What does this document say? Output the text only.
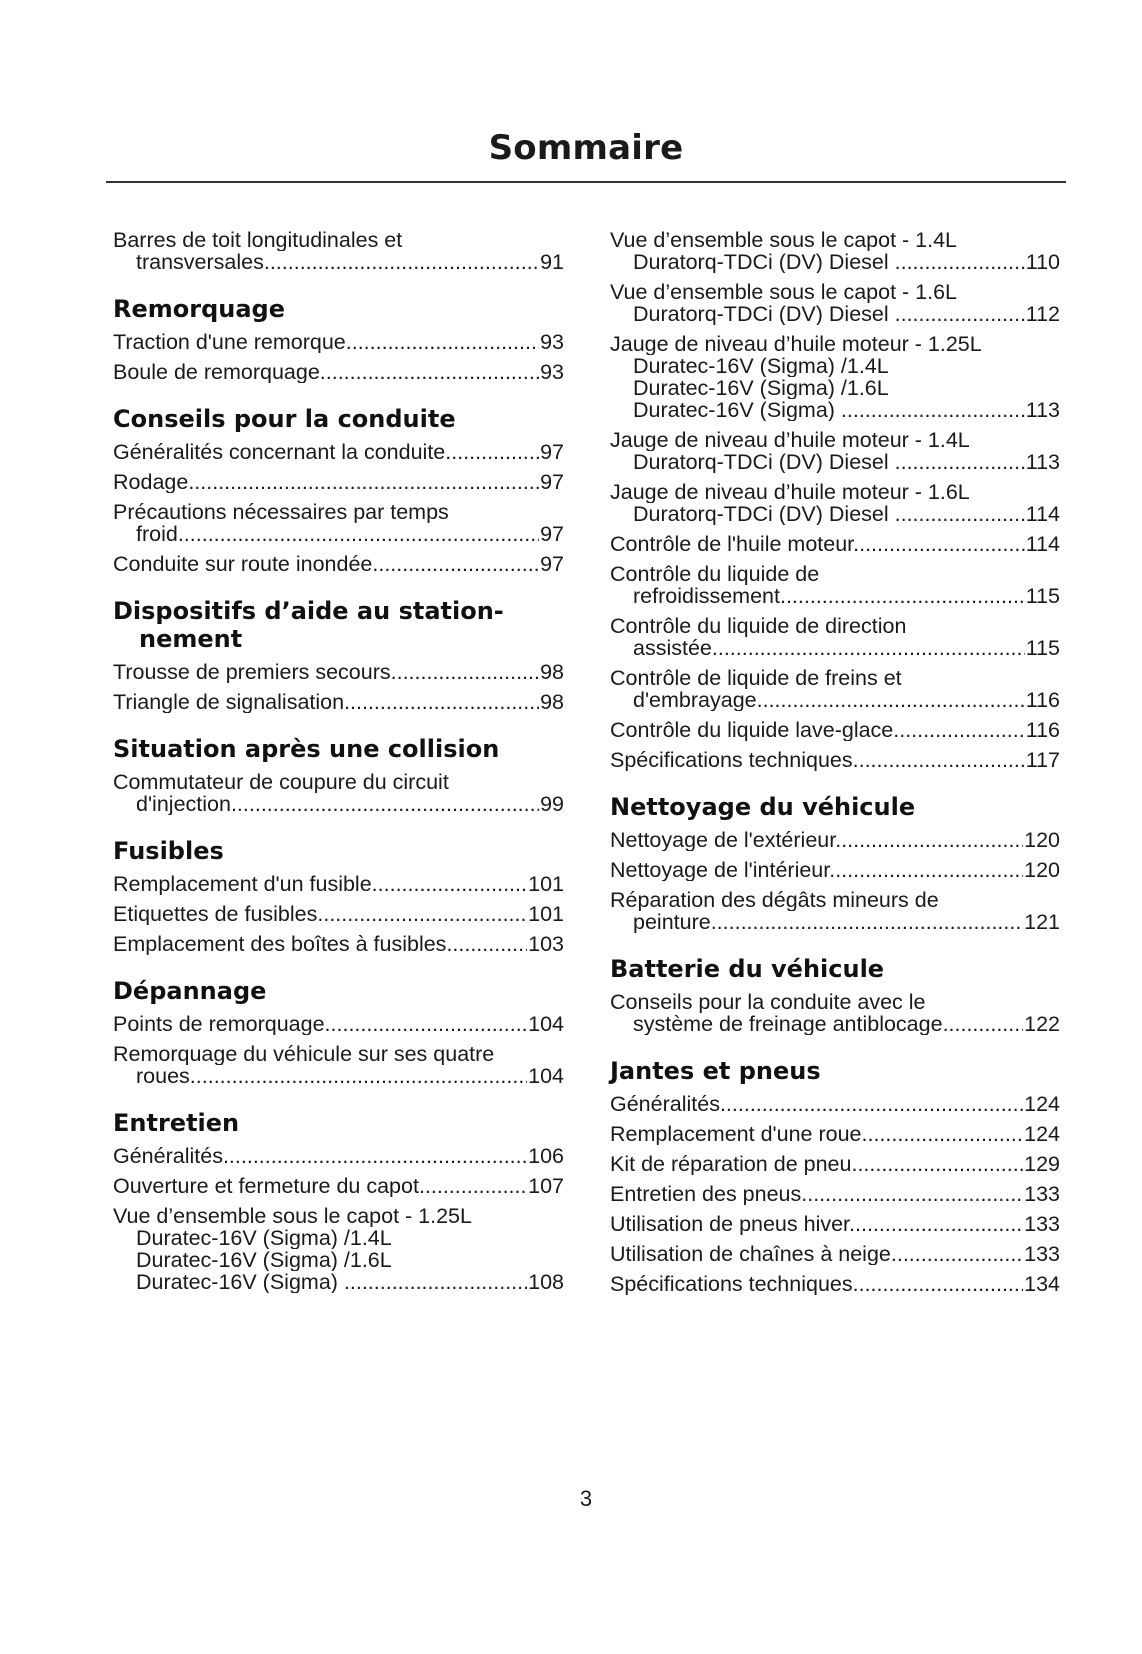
Sommaire
Barres de toit longitudinales et
transversales .....	91
Remorquage
Traction d'une remorque .....	93
Boule de remorquage .....	93
Conseils pour la conduite
Généralités concernant la conduite .....	97
Rodage .....	97
Précautions nécessaires par temps
froid .....	97
Conduite sur route inondée .....	97
Dispositifs d’aide au station-
nement
Trousse de premiers secours .....	98
Triangle de signalisation .....	98
Situation après une collision
Commutateur de coupure du circuit
d'injection .....	99
Fusibles
Remplacement d'un fusible .....	101
Etiquettes de fusibles .....	101
Emplacement des boîtes à fusibles .....	103
Dépannage
Points de remorquage .....	104
Remorquage du véhicule sur ses quatre
roues .....	104
Entretien
Généralités .....	106
Ouverture et fermeture du capot .....	107
Vue d’ensemble sous le capot - 1.25L
Duratec-16V (Sigma) /1.4L
Duratec-16V (Sigma) /1.6L
Duratec-16V (Sigma) .....	108
Vue d’ensemble sous le capot - 1.4L
Duratorq-TDCi (DV) Diesel .....	110
Vue d’ensemble sous le capot - 1.6L
Duratorq-TDCi (DV) Diesel .....	112
Jauge de niveau d’huile moteur - 1.25L
Duratec-16V (Sigma) /1.4L
Duratec-16V (Sigma) /1.6L
Duratec-16V (Sigma) .....	113
Jauge de niveau d’huile moteur - 1.4L
Duratorq-TDCi (DV) Diesel .....	113
Jauge de niveau d’huile moteur - 1.6L
Duratorq-TDCi (DV) Diesel .....	114
Contrôle de l'huile moteur .....	114
Contrôle du liquide de
refroidissement .....	115
Contrôle du liquide de direction
assistée .....	115
Contrôle de liquide de freins et
d'embrayage .....	116
Contrôle du liquide lave-glace .....	116
Spécifications techniques .....	117
Nettoyage du véhicule
Nettoyage de l'extérieur .....	120
Nettoyage de l'intérieur .....	120
Réparation des dégâts mineurs de
peinture .....	121
Batterie du véhicule
Conseils pour la conduite avec le
système de freinage antiblocage .....	122
Jantes et pneus
Généralités .....	124
Remplacement d'une roue .....	124
Kit de réparation de pneu .....	129
Entretien des pneus .....	133
Utilisation de pneus hiver .....	133
Utilisation de chaînes à neige .....	133
Spécifications techniques .....	134
3
